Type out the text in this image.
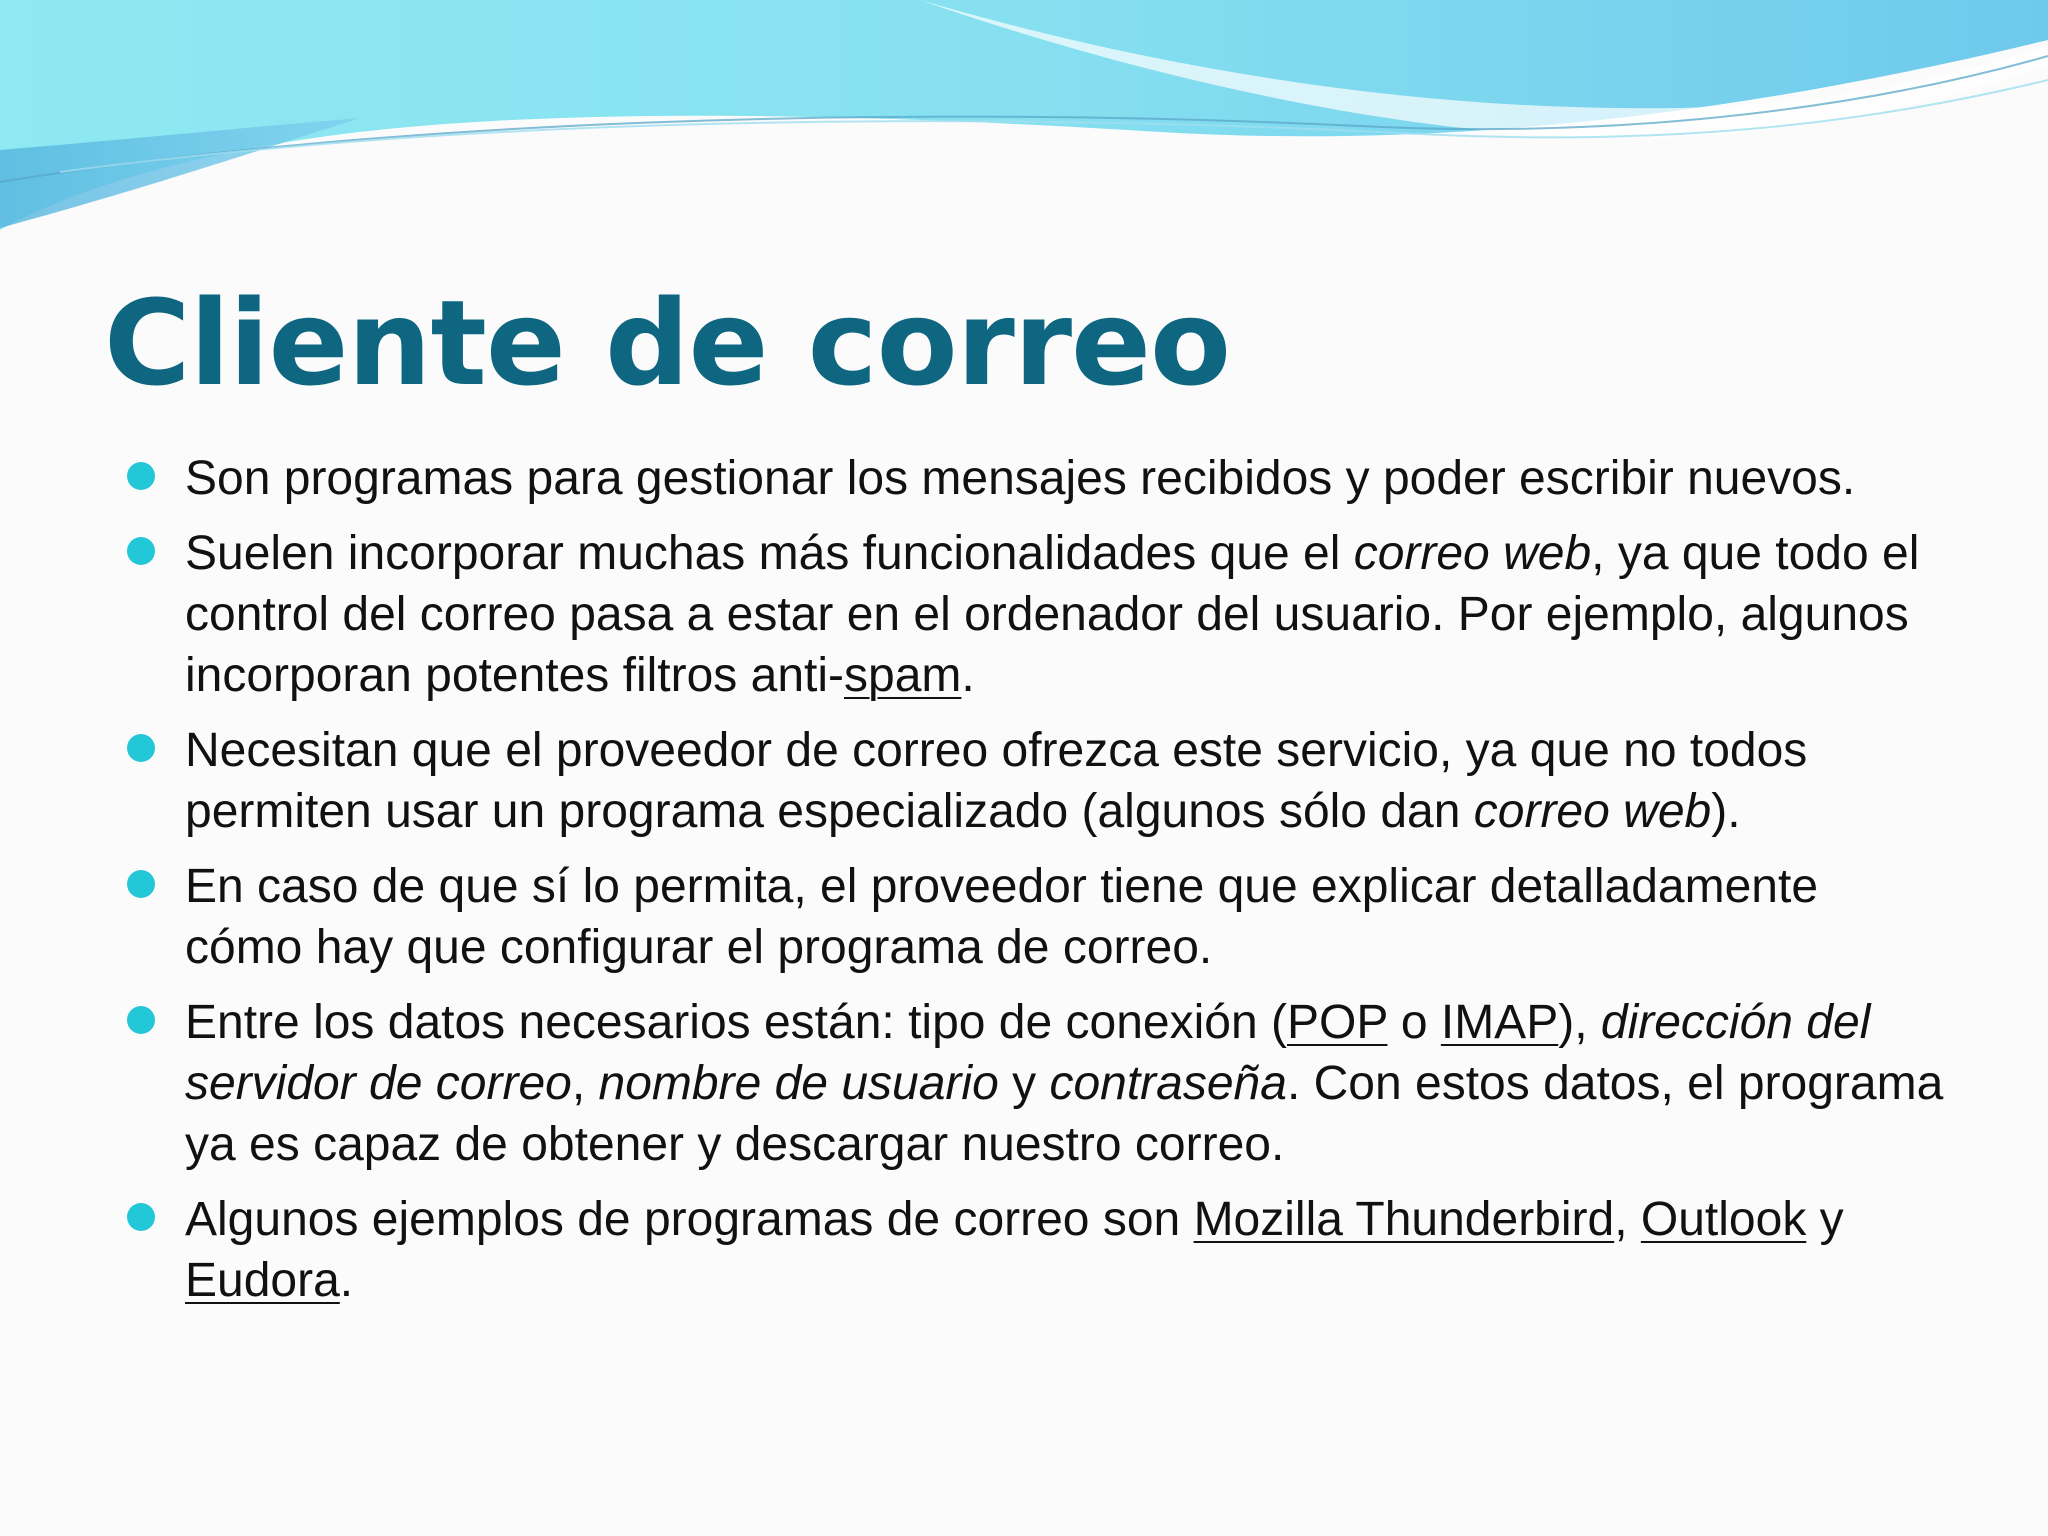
Cliente de correo
Son programas para gestionar los mensajes recibidos y poder escribir nuevos.
Suelen incorporar muchas más funcionalidades que el correo web, ya que todo el control del correo pasa a estar en el ordenador del usuario. Por ejemplo, algunos incorporan potentes filtros anti-spam.
Necesitan que el proveedor de correo ofrezca este servicio, ya que no todos permiten usar un programa especializado (algunos sólo dan correo web).
En caso de que sí lo permita, el proveedor tiene que explicar detalladamente cómo hay que configurar el programa de correo.
Entre los datos necesarios están: tipo de conexión (POP o IMAP), dirección del servidor de correo, nombre de usuario y contraseña. Con estos datos, el programa ya es capaz de obtener y descargar nuestro correo.
Algunos ejemplos de programas de correo son Mozilla Thunderbird, Outlook y Eudora.
